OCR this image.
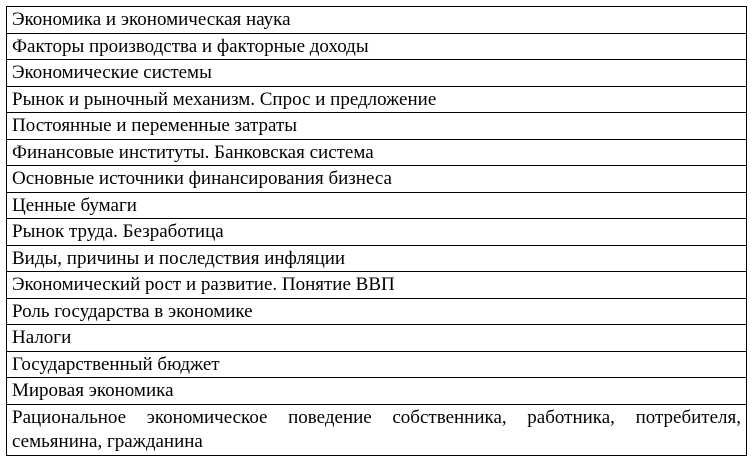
Экономика и экономическая наука
Факторы производства и факторные доходы
Экономические системы
Рынок и рыночный механизм. Спрос и предложение
Постоянные и переменные затраты
Финансовые институты. Банковская система
Основные источники финансирования бизнеса
Ценные бумаги
Рынок труда. Безработица
Виды, причины и последствия инфляции
Экономический рост и развитие. Понятие ВВП
Роль государства в экономике
Налоги
Государственный бюджет
Мировая экономика
Рациональное экономическое поведение собственника, работника, потребителя, семьянина, гражданина
